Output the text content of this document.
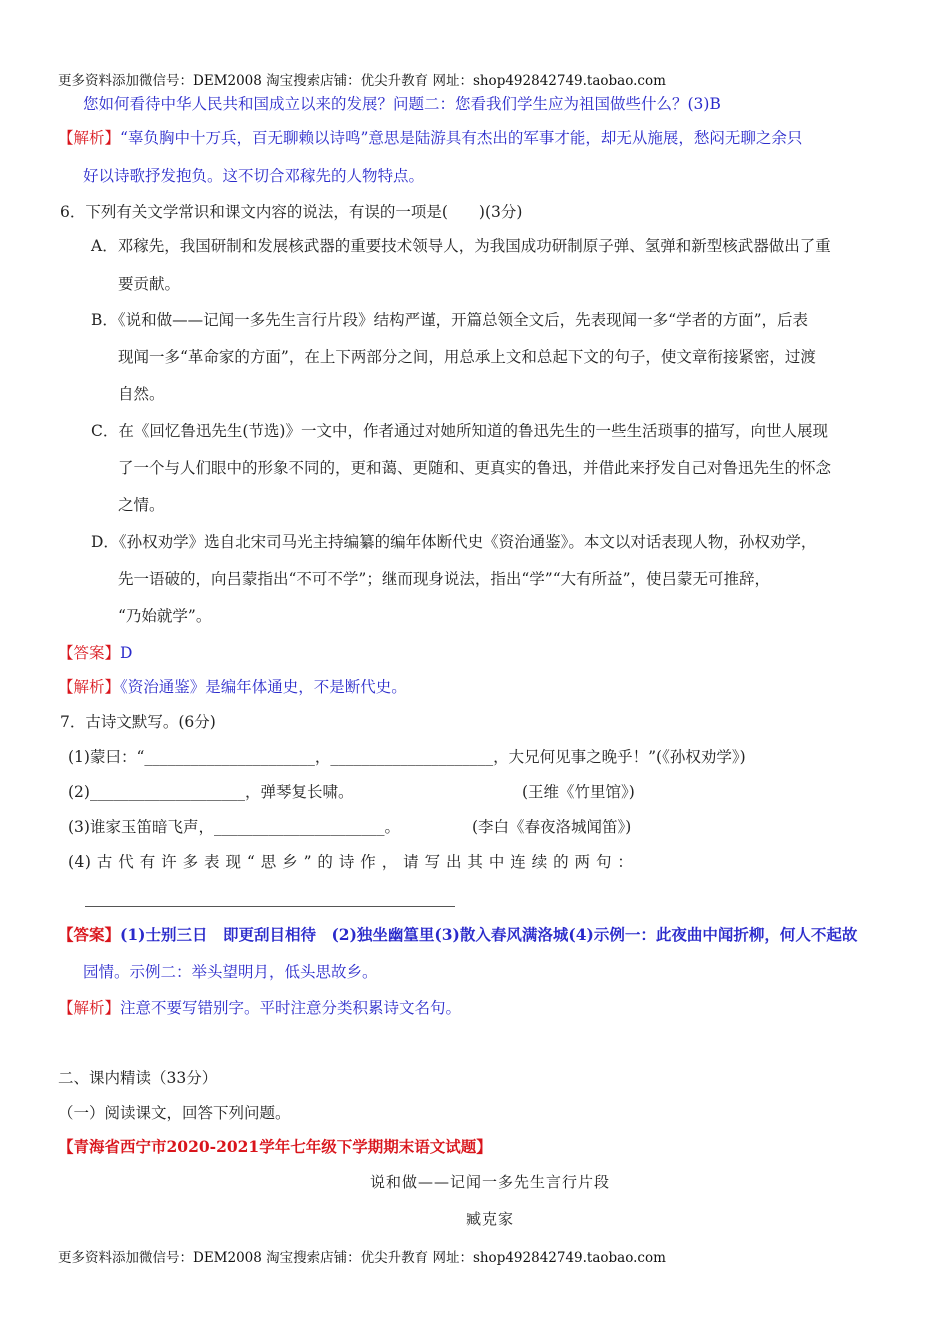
更多资料添加微信号：DEM2008 淘宝搜索店铺：优尖升教育 网址：shop492842749.taobao.com
您如何看待中华人民共和国成立以来的发展？问题二：您看我们学生应为祖国做些什么？(3)B
【解析】“辜负胸中十万兵，百无聊赖以诗鸣”意思是陆游具有杰出的军事才能，却无从施展，愁闷无聊之余只
好以诗歌抒发抱负。这不切合邓稼先的人物特点。
6．下列有关文学常识和课文内容的说法，有误的一项是(　　)(3分)
A．邓稼先，我国研制和发展核武器的重要技术领导人，为我国成功研制原子弹、氢弹和新型核武器做出了重
要贡献。
B．《说和做——记闻一多先生言行片段》结构严谨，开篇总领全文后，先表现闻一多“学者的方面”，后表
现闻一多“革命家的方面”，在上下两部分之间，用总承上文和总起下文的句子，使文章衔接紧密，过渡
自然。
C．在《回忆鲁迅先生(节选)》一文中，作者通过对她所知道的鲁迅先生的一些生活琐事的描写，向世人展现
了一个与人们眼中的形象不同的，更和蔼、更随和、更真实的鲁迅，并借此来抒发自己对鲁迅先生的怀念
之情。
D．《孙权劝学》选自北宋司马光主持编纂的编年体断代史《资治通鉴》。本文以对话表现人物，孙权劝学，
先一语破的，向吕蒙指出“不可不学”；继而现身说法，指出“学”“大有所益”，使吕蒙无可推辞，
“乃始就学”。
【答案】D
【解析】《资治通鉴》是编年体通史，不是断代史。
7．古诗文默写。(6分)
(1)蒙曰：“______________________，_____________________，大兄何见事之晚乎！”(《孙权劝学》)
(2)____________________，弹琴复长啸。	(王维《竹里馆》)
(3)谁家玉笛暗飞声，______________________。	(李白《春夜洛城闻笛》)
(4) 古 代 有 许 多 表 现 “ 思 乡 ” 的 诗 作 ， 请 写 出 其 中 连 续 的 两 句 ：
【答案】(1)士别三日　即更刮目相待　(2)独坐幽篁里(3)散入春风满洛城(4)示例一：此夜曲中闻折柳，何人不起故
园情。示例二：举头望明月，低头思故乡。
【解析】注意不要写错别字。平时注意分类积累诗文名句。
二、课内精读（33分）
（一）阅读课文，回答下列问题。
【青海省西宁市2020-2021学年七年级下学期期末语文试题】
说和做——记闻一多先生言行片段
臧克家
更多资料添加微信号：DEM2008 淘宝搜索店铺：优尖升教育 网址：shop492842749.taobao.com
